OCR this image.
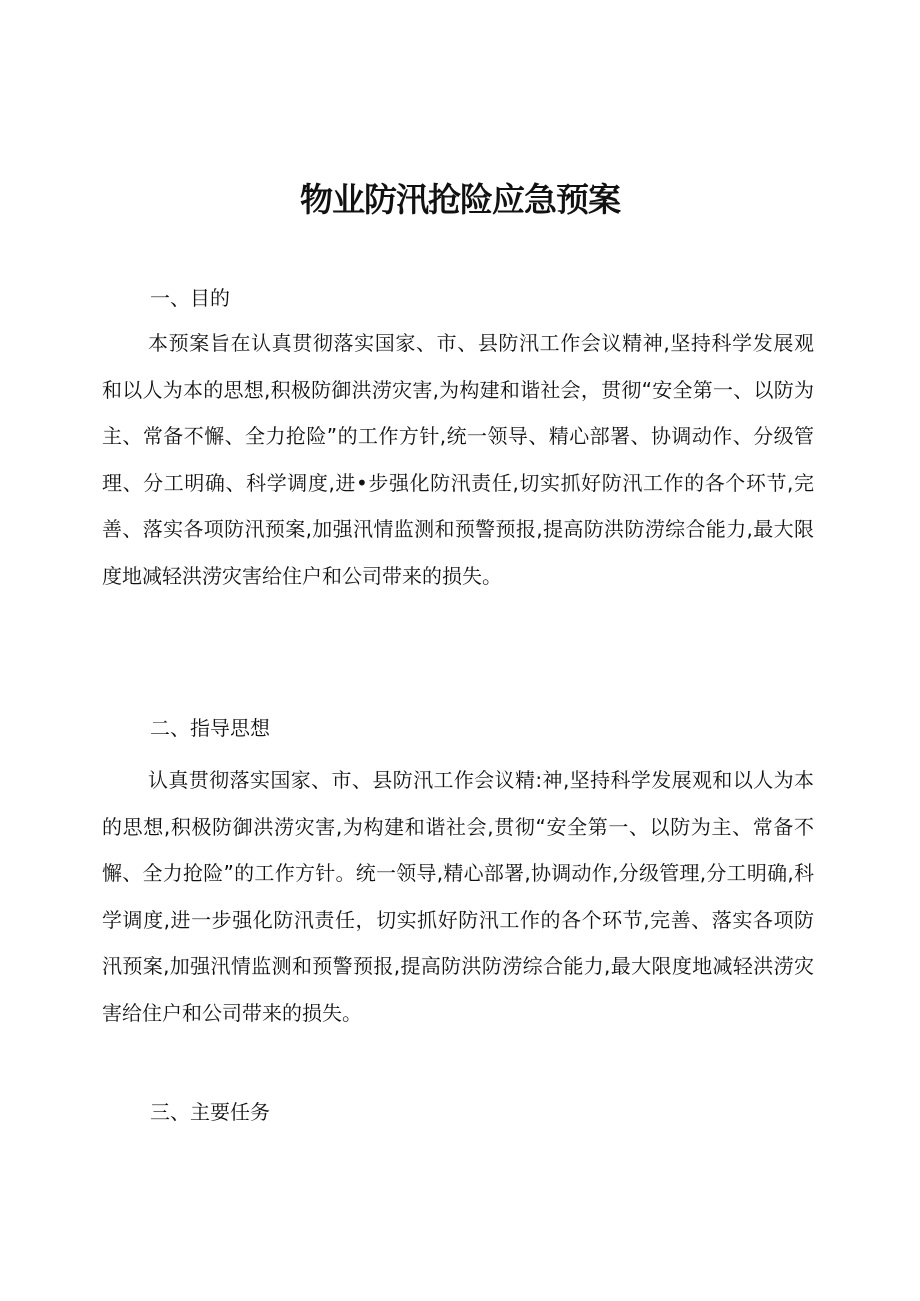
物业防汛抢险应急预案
一、目的

本预案旨在认真贯彻落实国家、市、县防汛工作会议精神,坚持科学发展观和以人为本的思想,积极防御洪涝灾害,为构建和谐社会，贯彻“安全第一、以防为主、常备不懈、全力抢险”的工作方针,统一领导、精心部署、协调动作、分级管理、分工明确、科学调度,进•步强化防汛责任,切实抓好防汛工作的各个环节,完善、落实各项防汛预案,加强汛情监测和预警预报,提高防洪防涝综合能力,最大限度地减轻洪涝灾害给住户和公司带来的损失。

二、指导思想

认真贯彻落实国家、市、县防汛工作会议精:神,坚持科学发展观和以人为本的思想,积极防御洪涝灾害,为构建和谐社会,贯彻“安全第一、以防为主、常备不懈、全力抢险”的工作方针。统一领导,精心部署,协调动作,分级管理,分工明确,科学调度,进一步强化防汛责任，切实抓好防汛工作的各个环节,完善、落实各项防汛预案,加强汛情监测和预警预报,提高防洪防涝综合能力,最大限度地减轻洪涝灾害给住户和公司带来的损失。

三、主要任务
